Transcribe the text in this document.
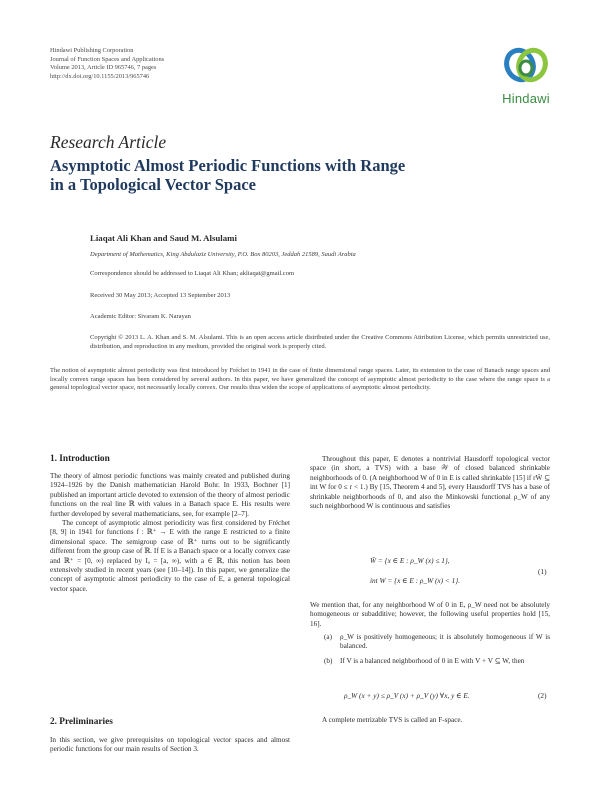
Hindawi Publishing Corporation
Journal of Function Spaces and Applications
Volume 2013, Article ID 965746, 7 pages
http://dx.doi.org/10.1155/2013/965746
Hindawi
Research Article
Asymptotic Almost Periodic Functions with Range
in a Topological Vector Space
Liaqat Ali Khan and Saud M. Alsulami
Department of Mathematics, King Abdulaziz University, P.O. Box 80203, Jeddah 21589, Saudi Arabia
Correspondence should be addressed to Liaqat Ali Khan; akliaqat@gmail.com
Received 30 May 2013; Accepted 13 September 2013
Academic Editor: Sivaram K. Narayan
Copyright © 2013 L. A. Khan and S. M. Alsulami. This is an open access article distributed under the Creative Commons Attribution License, which permits unrestricted use, distribution, and reproduction in any medium, provided the original work is properly cited.
The notion of asymptotic almost periodicity was first introduced by Fréchet in 1941 in the case of finite dimensional range spaces. Later, its extension to the case of Banach range spaces and locally convex range spaces has been considered by several authors. In this paper, we have generalized the concept of asymptotic almost periodicity to the case where the range space is a general topological vector space, not necessarily locally convex. Our results thus widen the scope of applications of asymptotic almost periodicity.
1. Introduction

The theory of almost periodic functions was mainly created and published during 1924–1926 by the Danish mathematician Harold Bohr. In 1933, Bochner [1] published an important article devoted to extension of the theory of almost periodic functions on the real line ℝ with values in a Banach space E. His results were further developed by several mathematicians, see, for example [2–7].

The concept of asymptotic almost periodicity was first considered by Fréchet [8, 9] in 1941 for functions f : ℝ⁺ → E with the range E restricted to a finite dimensional space. The semigroup case of ℝ⁺ turns out to be significantly different from the group case of ℝ. If E is a Banach space or a locally convex case and ℝ⁺ = [0, ∞) replaced by Iₐ = [a, ∞), with a ∈ ℝ, this notion has been extensively studied in recent years (see [10–14]). In this paper, we generalize the concept of asymptotic almost periodicity to the case of E, a general topological vector space.

2. Preliminaries

In this section, we give prerequisites on topological vector spaces and almost periodic functions for our main results of Section 3.

Throughout this paper, E denotes a nontrivial Hausdorff topological vector space (in short, a TVS) with a base 𝒲 of closed balanced shrinkable neighborhoods of 0. (A neighborhood W of 0 in E is called shrinkable [15] if rW̄ ⊆ int W for 0 ≤ r < 1.) By [15, Theorem 4 and 5], every Hausdorff TVS has a base of shrinkable neighborhoods of 0, and also the Minkowski functional ρ_W of any such neighborhood W is continuous and satisfies
W̄ = {x ∈ E : ρ_W (x) ≤ 1},
int W = {x ∈ E : ρ_W (x) < 1}.
(1)
We mention that, for any neighborhood W of 0 in E, ρ_W need not be absolutely homogeneous or subadditive; however, the following useful properties hold [15, 16].
(a) ρ_W is positively homogeneous; it is absolutely homogeneous if W is balanced.
(b) If V is a balanced neighborhood of 0 in E with V + V ⊆ W, then
ρ_W (x + y) ≤ ρ_V (x) + ρ_V (y) ∀x, y ∈ E.	(2)
A complete metrizable TVS is called an F-space.
